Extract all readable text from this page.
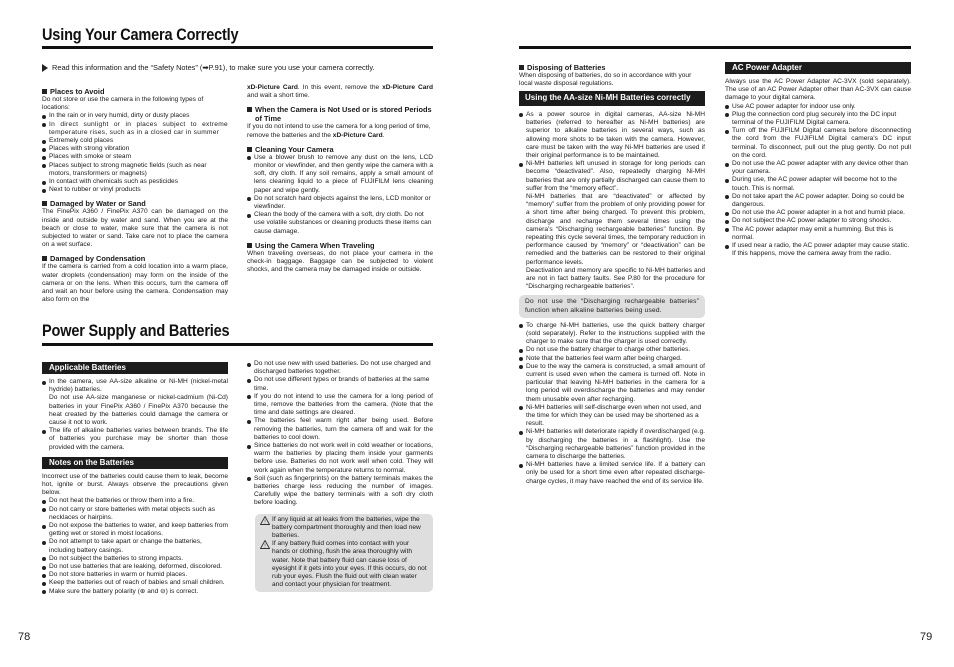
Using Your Camera Correctly

Read this information and the “Safety Notes” (➡P.91), to make sure you use your camera correctly.

Places to Avoid

Do not store or use the camera in the following types of locations:

In the rain or in very humid, dirty or dusty places
In direct sunlight or in places subject to extreme temperature rises, such as in a closed car in summer
Extremely cold places
Places with strong vibration
Places with smoke or steam
Places subject to strong magnetic fields (such as near motors, transformers or magnets)
In contact with chemicals such as pesticides
Next to rubber or vinyl products
Damaged by Water or Sand

The FinePix A360 / FinePix A370 can be damaged on the inside and outside by water and sand. When you are at the beach or close to water, make sure that the camera is not subjected to water or sand. Take care not to place the camera on a wet surface.

Damaged by Condensation

If the camera is carried from a cold location into a warm place, water droplets (condensation) may form on the inside of the camera or on the lens. When this occurs, turn the camera off and wait an hour before using the camera. Condensation may also form on the

xD-Picture Card. In this event, remove the xD-Picture Card and wait a short time.

When the Camera is Not Used or is stored Periods of Time

If you do not intend to use the camera for a long period of time, remove the batteries and the xD-Picture Card.

Cleaning Your Camera
Use a blower brush to remove any dust on the lens, LCD monitor or viewfinder, and then gently wipe the camera with a soft, dry cloth. If any soil remains, apply a small amount of lens cleaning liquid to a piece of FUJIFILM lens cleaning paper and wipe gently.
Do not scratch hard objects against the lens, LCD monitor or viewfinder.
Clean the body of the camera with a soft, dry cloth. Do not use volatile substances or cleaning products these items can cause damage.
Using the Camera When Traveling

When traveling overseas, do not place your camera in the check-in baggage. Baggage can be subjected to violent shocks, and the camera may be damaged inside or outside.

Power Supply and Batteries
Applicable Batteries
In the camera, use AA-size alkaline or Ni-MH (nickel-metal hydride) batteries.
Do not use AA-size manganese or nickel-cadmium (Ni-Cd) batteries in your FinePix A360 / FinePix A370 because the heat created by the batteries could damage the camera or cause it not to work.
The life of alkaline batteries varies between brands. The life of batteries you purchase may be shorter than those provided with the camera.
Notes on the Batteries

Incorrect use of the batteries could cause them to leak, become hot, ignite or burst. Always observe the precautions given below.

Do not heat the batteries or throw them into a fire.
Do not carry or store batteries with metal objects such as necklaces or hairpins.
Do not expose the batteries to water, and keep batteries from getting wet or stored in moist locations.
Do not attempt to take apart or change the batteries, including battery casings.
Do not subject the batteries to strong impacts.
Do not use batteries that are leaking, deformed, discolored.
Do not store batteries in warm or humid places.
Keep the batteries out of reach of babies and small children.
Make sure the battery polarity (⊕ and ⊖) is correct.
78
Do not use new with used batteries. Do not use charged and discharged batteries together.
Do not use different types or brands of batteries at the same time.
If you do not intend to use the camera for a long period of time, remove the batteries from the camera. (Note that the time and date settings are cleared.
The batteries feel warm right after being used. Before removing the batteries, turn the camera off and wait for the batteries to cool down.
Since batteries do not work well in cold weather or locations, warm the batteries by placing them inside your garments before use. Batteries do not work well when cold. They will work again when the temperature returns to normal.
Soil (such as fingerprints) on the battery terminals makes the batteries charge less reducing the number of images. Carefully wipe the battery terminals with a soft dry cloth before loading.
! If any liquid at all leaks from the batteries, wipe the battery compartment thoroughly and then load new batteries.
! If any battery fluid comes into contact with your hands or clothing, flush the area thoroughly with water. Note that battery fluid can cause loss of eyesight if it gets into your eyes. If this occurs, do not rub your eyes. Flush the fluid out with clean water and contact your physician for treatment.
Disposing of Batteries

When disposing of batteries, do so in accordance with your local waste disposal regulations.

Using the AA-size Ni-MH Batteries correctly
As a power source in digital cameras, AA-size Ni-MH batteries (referred to hereafter as Ni-MH batteries) are superior to alkaline batteries in several ways, such as allowing more shots to be taken with the camera. However, care must be taken with the way Ni-MH batteries are used if their original performance is to be maintained.
Ni-MH batteries left unused in storage for long periods can become “deactivated”. Also, repeatedly charging Ni-MH batteries that are only partially discharged can cause them to suffer from the “memory effect”.
Ni-MH batteries that are “deactivated” or affected by “memory” suffer from the problem of only providing power for a short time after being charged. To prevent this problem, discharge and recharge them several times using the camera’s “Discharging rechargeable batteries” function. By repeating this cycle several times, the temporary reduction in performance caused by “memory” or “deactivation” can be remedied and the batteries can be restored to their original performance levels.
Deactivation and memory are specific to Ni-MH batteries and are not in fact battery faults. See P.80 for the procedure for “Discharging rechargeable batteries”.
Do not use the “Discharging rechargeable batteries” function when alkaline batteries being used.
To charge Ni-MH batteries, use the quick battery charger (sold separately). Refer to the instructions supplied with the charger to make sure that the charger is used correctly.
Do not use the battery charger to charge other batteries.
Note that the batteries feel warm after being charged.
Due to the way the camera is constructed, a small amount of current is used even when the camera is turned off. Note in particular that leaving Ni-MH batteries in the camera for a long period will overdischarge the batteries and may render them unusable even after recharging.
Ni-MH batteries will self-discharge even when not used, and the time for which they can be used may be shortened as a result.
Ni-MH batteries will deteriorate rapidly if overdischarged (e.g. by discharging the batteries in a flashlight). Use the “Discharging rechargeable batteries” function provided in the camera to discharge the batteries.
Ni-MH batteries have a limited service life. If a battery can only be used for a short time even after repeated discharge-charge cycles, it may have reached the end of its service life.
AC Power Adapter

Always use the AC Power Adapter AC-3VX (sold separately). The use of an AC Power Adapter other than AC-3VX can cause damage to your digital camera.

Use AC power adapter for indoor use only.
Plug the connection cord plug securely into the DC input terminal of the FUJIFILM Digital camera.
Turn off the FUJIFILM Digital camera before disconnecting the cord from the FUJIFILM Digital camera’s DC input terminal. To disconnect, pull out the plug gently. Do not pull on the cord.
Do not use the AC power adapter with any device other than your camera.
During use, the AC power adapter will become hot to the touch. This is normal.
Do not take apart the AC power adapter. Doing so could be dangerous.
Do not use the AC power adapter in a hot and humid place.
Do not subject the AC power adapter to strong shocks.
The AC power adapter may emit a humming. But this is normal.
If used near a radio, the AC power adapter may cause static. If this happens, move the camera away from the radio.
79
